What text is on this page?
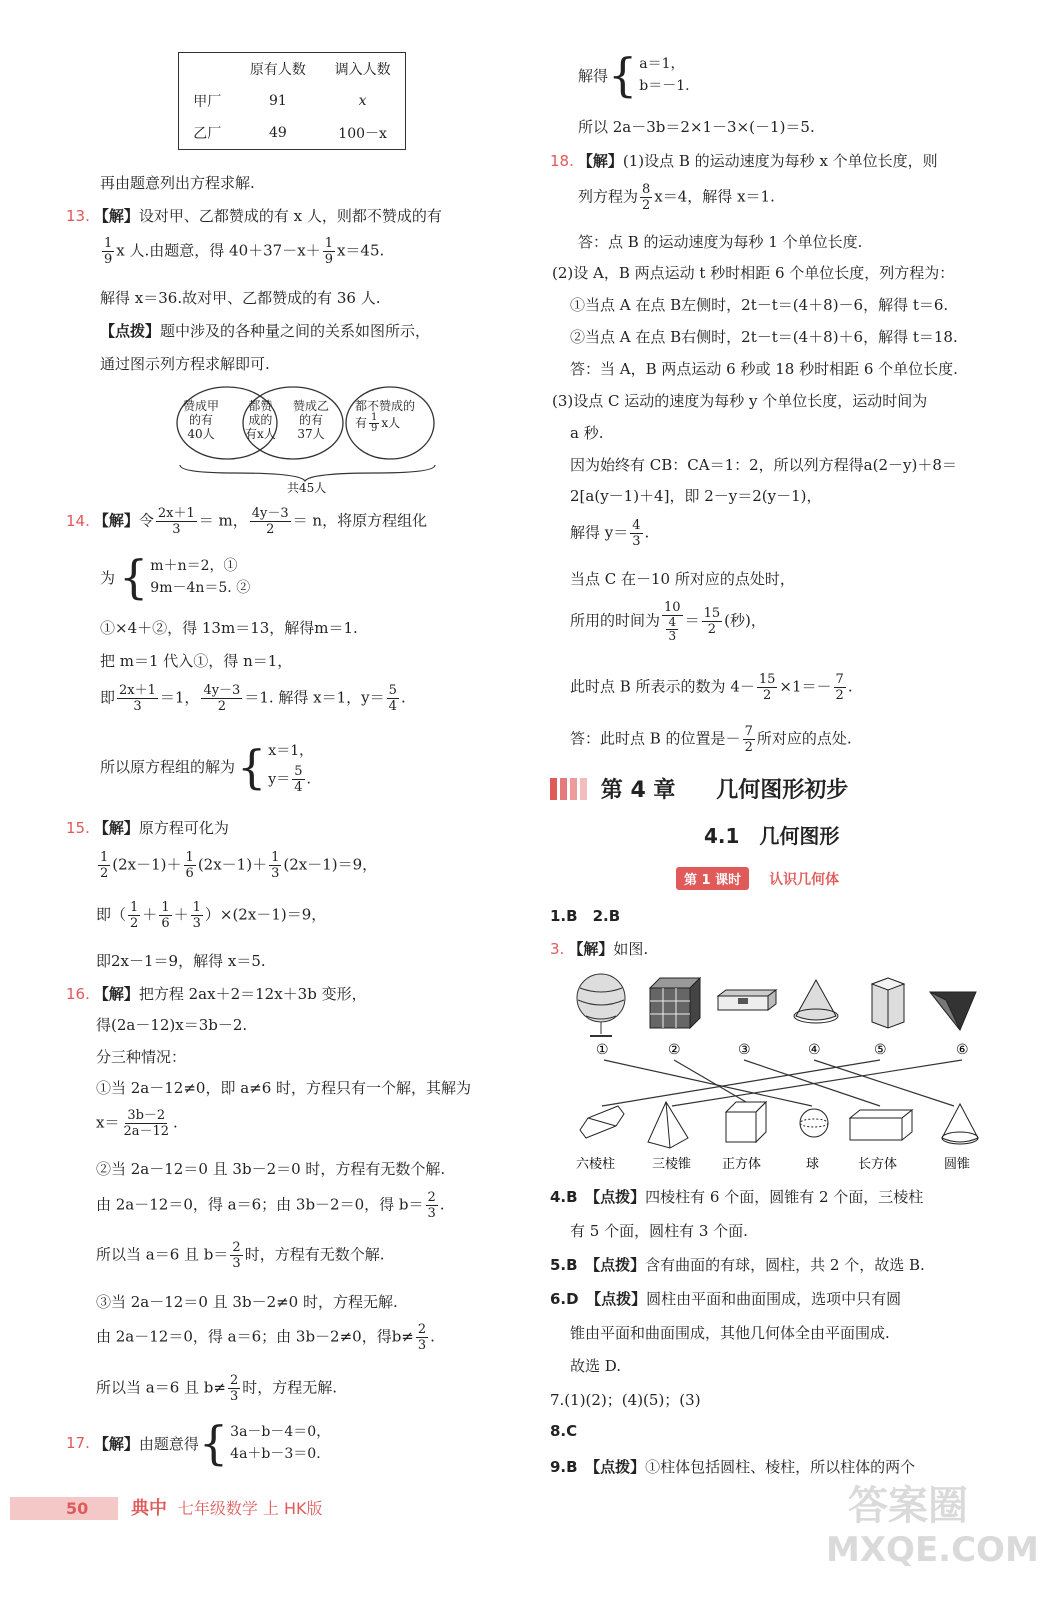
	原有人数	调入人数
甲厂	91	x
乙厂	49	100－x
再由题意列出方程求解.
13. 【解】设对甲、乙都赞成的有 x 人，则都不赞成的有
$\frac{1}{9}$ x 人.由题意，得 $40+37-x+ \frac{1}{9} x=45$.
解得 x＝36.故对甲、乙都赞成的有 36 人.
【点拨】题中涉及的各种量之间的关系如图所示，
通过图示列方程求解即可.
赞成甲
的有
40人
都赞
成的
有x人
赞成乙
的有
37人
都不赞成的
有 $\frac{1}{9}$ x人
共45人
14. 【解】令 $\frac{2x+1}{3} = m$， $\frac{4y-3}{2} = n$，将原方程组化
为 { m＋n＝2，①
9m－4n＝5. ②
①×4＋②，得 13m＝13，解得m＝1.
把 m＝1 代入①，得 n＝1，
即 $\frac{2x+1}{3} =1$， $\frac{4y-3}{2} =1$. 解得 x＝1，$y= \frac{5}{4}$ .
所以原方程组的解为 { x＝1，
$y= \frac{5}{4}$ .
15. 【解】原方程可化为
$\frac{1}{2} (2x-1)+ \frac{1}{6} (2x-1)+ \frac{1}{3} (2x-1)=9$，
即（ $\frac{1}{2} + \frac{1}{6} + \frac{1}{3} )\times(2x-1)=9$，
即2x－1＝9，解得 x＝5.
16. 【解】把方程 2ax＋2＝12x＋3b 变形，
得(2a－12)x＝3b－2.
分三种情况：
①当 2a－12≠0，即 a≠6 时，方程只有一个解，其解为
$x= \frac{3b-2}{2a-12}$ .
②当 2a－12＝0 且 3b－2＝0 时，方程有无数个解.
由 2a－12＝0，得 a＝6；由 3b－2＝0，得 $b= \frac{2}{3}$ .
所以当 a＝6 且 $b= \frac{2}{3}$ 时，方程有无数个解.
③当 2a－12＝0 且 3b－2≠0 时，方程无解.
由 2a－12＝0，得 a＝6；由 3b－2≠0，得$b\ne \frac{2}{3}$ .
所以当 a＝6 且 $b\ne \frac{2}{3}$ 时，方程无解.
17. 【解】 由题意得 { 3a－b－4＝0，
4a＋b－3＝0.
解得 { a＝1，
b＝－1.
所以 2a－3b＝2×1－3×(－1)＝5.
18. 【解】(1)设点 B 的运动速度为每秒 x 个单位长度，则
列方程为 $\frac{8}{2} x=4$，解得 x＝1.
答：点 B 的运动速度为每秒 1 个单位长度.
(2)设 A，B 两点运动 t 秒时相距 6 个单位长度，列方程为：
①当点 A 在点 B左侧时，2t－t＝(4＋8)－6，解得 t＝6.
②当点 A 在点 B右侧时，2t－t＝(4＋8)＋6，解得 t＝18.
答：当 A，B 两点运动 6 秒或 18 秒时相距 6 个单位长度.
(3)设点 C 运动的速度为每秒 y 个单位长度，运动时间为
a 秒.
因为始终有 CB：CA＝1：2，所以列方程得a(2－y)＋8＝
2[a(y－1)＋4]，即 2－y＝2(y－1)，
解得 $y= \frac{4}{3}$ .
当点 C 在－10 所对应的点处时，
所用的时间为 $\frac{10}{\frac{4}{3}} = \frac{15}{2}$ (秒)，
此时点 B 所表示的数为 $4- \frac{15}{2} \times 1=- \frac{7}{2}$ .
答：此时点 B 的位置是－ $\frac{7}{2}$ 所对应的点处.
第 4 章 几何图形初步
4.1　几何图形
第 1 课时 认识几何体
1.B　2.B
3. 【解】如图.
①	②	③	④	⑤	⑥
六棱柱	三棱锥 正方体	球	长方体	圆锥
4.B　 【点拨】四棱柱有 6 个面，圆锥有 2 个面，三棱柱
有 5 个面，圆柱有 3 个面.
5.B　 【点拨】含有曲面的有球，圆柱，共 2 个，故选 B.
6.D　 【点拨】圆柱由平面和曲面围成，选项中只有圆
锥由平面和曲面围成，其他几何体全由平面围成.
故选 D.
7.(1)(2)；(4)(5)；(3)
8.C
9.B　 【点拨】①柱体包括圆柱、棱柱，所以柱体的两个
50 典中 七年级数学 上 HK版	答案圈
MXQE.COM
